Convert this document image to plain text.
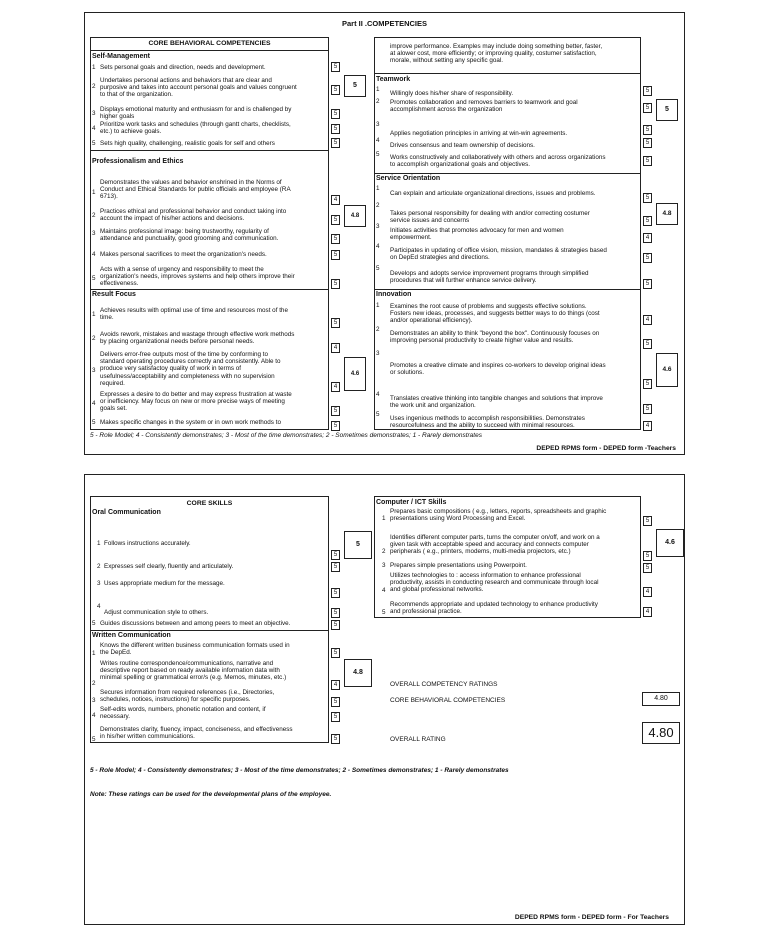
Part II .COMPETENCIES
CORE BEHAVIORAL COMPETENCIES
Self-Management
1 Sets personal goals and direction, needs and development.
2
Undertakes personal actions and behaviors that are clear and
purposive and takes into account personal goals and values congruent
to that of the organization.
3
Displays emotional maturity and enthusiasm for and is challenged by
higher goals
4
Prioritize work tasks and schedules (through gantt charts, checklists,
etc.) to achieve goals.
5 Sets high quality, challenging, realistic goals for self and others
5
5
5
5
5
5
Professionalism and Ethics
1
Demonstrates the values and behavior enshrined in the Norms of
Conduct and Ethical Standards for public officials and employee (RA
6713).
2
Practices ethical and professional behavior and conduct taking into
account the impact of his/her actions and decisions.
3 Maintains professional image: being trustworthy, regularity of
attendance and punctuality, good grooming and communication.
4 Makes personal sacrifices to meet the organization's needs.
5
Acts with a sense of urgency and responsibility to meet the
organization's needs, improves systems and help others improve their
effectiveness.
4
5
5
5
5
4.8
Result Focus
1
Achieves results with optimal use of time and resources most of the
time.
2
Avoids rework, mistakes and wastage through effective work methods
by placing organizational needs before personal needs.
3
Delivers error-free outputs most of the time by conforming to
standard operating procedures correctly and consistently. Able to
produce very satisfactoy quality of work in terms of
usefulness/acceptability and completeness with no supervision
required.
4
Expresses a desire to do better and may express frustration at waste
or inefficiency. May focus on new or more precise ways of meeting
goals set.
5 Makes specific changes in the system or in own work methods to
5
4
4
5
5
4.6
improve performance. Examples may include doing something better, faster,
at alower cost, more efficiently; or improving quality, costumer satisfaction,
morale, without setting any specific goal.
Teamwork
1
Willingly does his/her share of responsibility.
2 Promotes collaboration and removes barriers to teamwork and goal
accomplishment across the organization
3
Applies negotiation principles in arriving at win-win agreements.
4
Drives consensus and team ownership of decisions.
5 Works constructively and collaboratively with others and across organizations
to accomplish organizational goals and objectives.
5
5
5
5
5
5
Service Orientation
1
Can explain and articulate organizational directions, issues and problems.
2
Takes personal responsibilty for dealing with and/or correcting costumer
service issues and concerns
3
Initiates activities that promotes advocacy for men and women
empowerment.
4
Participates in updating of office vision, mission, mandates & strategies based
on DepEd strategies and directions.
5
Develops and adopts service improvement programs through simplified
procedures that will further enhance service delivery.
5
5
4
5
5
4.8
Innovation
1 Examines the root cause of problems and suggests effective solutions.
Fosters new ideas, processes, and suggests bettter ways to do things (cost
and/or operational efficiency).
2
Demonstrates an ability to think "beyond the box". Continuously focuses on
improving personal productivity to create higher value and results.
3
Promotes a creative climate and inspires co-workers to develop original ideas
or solutions.
4
Translates creative thinking into tangible changes and solutions that improve
the work unit and organization.
5
Uses ingenious methods to accomplish responsibilities. Demonstrates
resourcefulness and the ability to succeed with minimal resources.
4
5
5
5
4
4.6
5 - Role Model; 4 - Consistently demonstrates; 3 - Most of the time demonstrates; 2 - Sometimes demonstrates; 1 - Rarely demonstrates
DEPED RPMS form - DEPED form -Teachers
CORE SKILLS
Oral Communication
1 Follows instructions accurately.
2 Expresses self clearly, fluently and articulately.
3 Uses appropriate medium for the message.
4
Adjust communication style to others.
5 Guides discussions between and among peers to meet an objective.
5
5
5
5
5
5
Written Communication
1
Knows the different written business communication formats used in
the DepEd.
2
Writes routine correspondence/communications, narrative and
descriptive report based on ready available information data with
minimal spelling or grammatical error/s (e.g. Memos, minutes, etc.)
3
Secures information from required references (i.e., Directories,
schedules, notices, instructions) for specific purposes.
4
Self-edits words, numbers, phonetic notation and content, if
necessary.
5
Demonstrates clarity, fluency, impact, conciseness, and effectiveness
in his/her written communications.
5
4
5
5
5
4.8
Computer / ICT Skills
1
Prepares basic compositions ( e.g., letters, reports, spreadsheets and graphic
presentations using Word Processing and Excel.
2
Identifies different computer parts, turns the computer on/off, and work on a
given task with acceptable speed and accuracy and connects computer
peripherals ( e.g., printers, modems, multi-media projectors, etc.)
3 Prepares simple presentations using Powerpoint.
4
Utilizes technologies to : access information to enhance professional
productivity, assists in conducting research and communicate through local
and global professional networks.
5
Recommends appropriate and updated technology to enhance productivity
and professional practice.
5
5
5
4
4
4.6
OVERALL COMPETENCY RATINGS
CORE BEHAVIORAL COMPETENCIES	4.80
OVERALL RATING	4.80
5 - Role Model; 4 - Consistently demonstrates; 3 - Most of the time demonstrates; 2 - Sometimes demonstrates; 1 - Rarely demonstrates
Note: These ratings can be used for the developmental plans of the employee.
DEPED RPMS form - DEPED form - For Teachers
